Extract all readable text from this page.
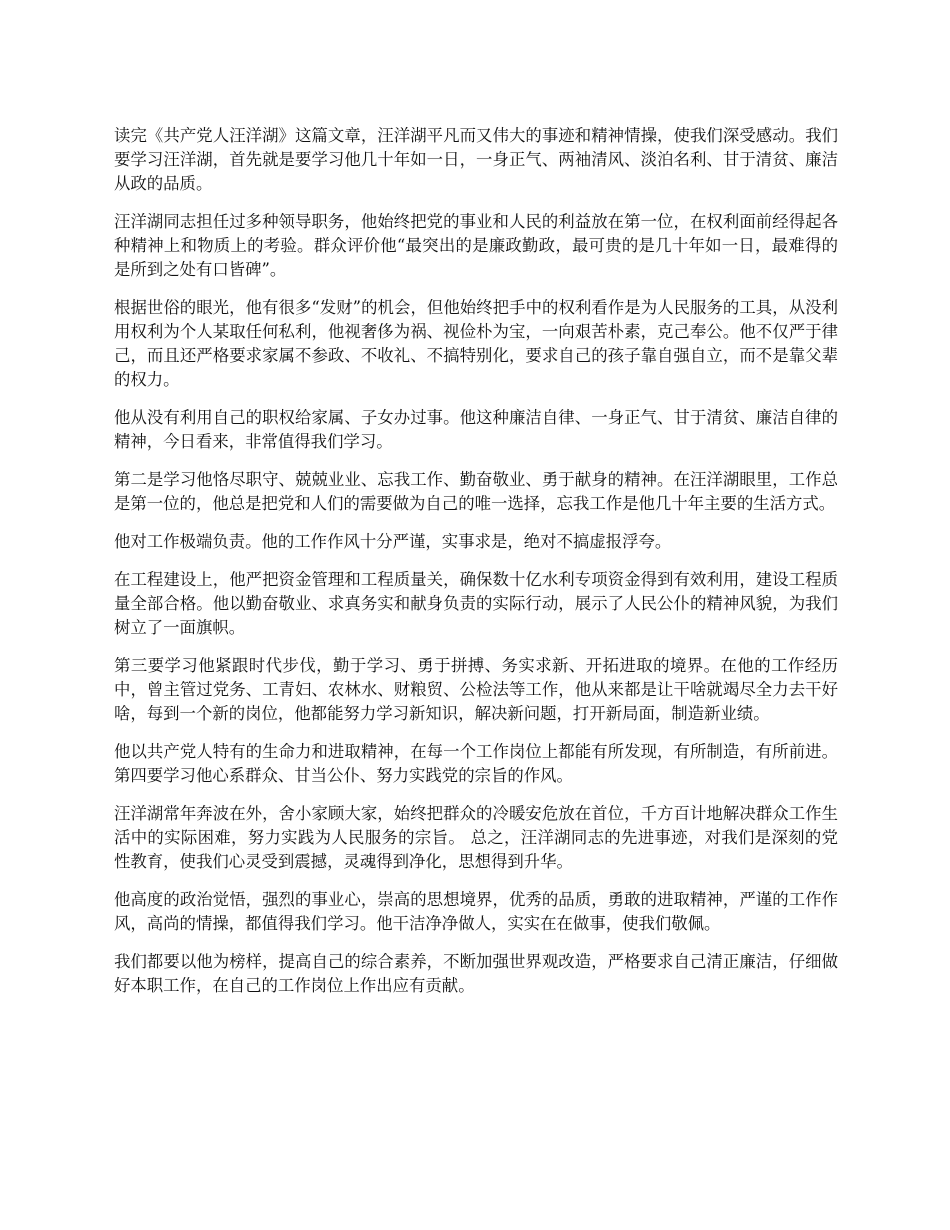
读完《共产党人汪洋湖》这篇文章，汪洋湖平凡而又伟大的事迹和精神情操，使我们深受感动。我们要学习汪洋湖，首先就是要学习他几十年如一日，一身正气、两袖清风、淡泊名利、甘于清贫、廉洁从政的品质。

汪洋湖同志担任过多种领导职务，他始终把党的事业和人民的利益放在第一位，在权利面前经得起各种精神上和物质上的考验。群众评价他“最突出的是廉政勤政，最可贵的是几十年如一日，最难得的是所到之处有口皆碑”。

根据世俗的眼光，他有很多“发财”的机会，但他始终把手中的权利看作是为人民服务的工具，从没利用权利为个人某取任何私利，他视奢侈为祸、视俭朴为宝，一向艰苦朴素，克己奉公。他不仅严于律己，而且还严格要求家属不参政、不收礼、不搞特别化，要求自己的孩子靠自强自立，而不是靠父辈的权力。

他从没有利用自己的职权给家属、子女办过事。他这种廉洁自律、一身正气、甘于清贫、廉洁自律的精神，今日看来，非常值得我们学习。

第二是学习他恪尽职守、兢兢业业、忘我工作、勤奋敬业、勇于献身的精神。在汪洋湖眼里，工作总是第一位的，他总是把党和人们的需要做为自己的唯一选择，忘我工作是他几十年主要的生活方式。

他对工作极端负责。他的工作作风十分严谨，实事求是，绝对不搞虚报浮夸。

在工程建设上，他严把资金管理和工程质量关，确保数十亿水利专项资金得到有效利用，建设工程质量全部合格。他以勤奋敬业、求真务实和献身负责的实际行动，展示了人民公仆的精神风貌，为我们树立了一面旗帜。

第三要学习他紧跟时代步伐，勤于学习、勇于拼搏、务实求新、开拓进取的境界。在他的工作经历中，曾主管过党务、工青妇、农林水、财粮贸、公检法等工作，他从来都是让干啥就竭尽全力去干好啥，每到一个新的岗位，他都能努力学习新知识，解决新问题，打开新局面，制造新业绩。

他以共产党人特有的生命力和进取精神，在每一个工作岗位上都能有所发现，有所制造，有所前进。 第四要学习他心系群众、甘当公仆、努力实践党的宗旨的作风。

汪洋湖常年奔波在外，舍小家顾大家，始终把群众的冷暖安危放在首位，千方百计地解决群众工作生活中的实际困难，努力实践为人民服务的宗旨。 总之，汪洋湖同志的先进事迹，对我们是深刻的党性教育，使我们心灵受到震撼，灵魂得到净化，思想得到升华。

他高度的政治觉悟，强烈的事业心，崇高的思想境界，优秀的品质，勇敢的进取精神，严谨的工作作风，高尚的情操，都值得我们学习。他干洁净净做人，实实在在做事，使我们敬佩。

我们都要以他为榜样，提高自己的综合素养，不断加强世界观改造，严格要求自己清正廉洁，仔细做好本职工作，在自己的工作岗位上作出应有贡献。
